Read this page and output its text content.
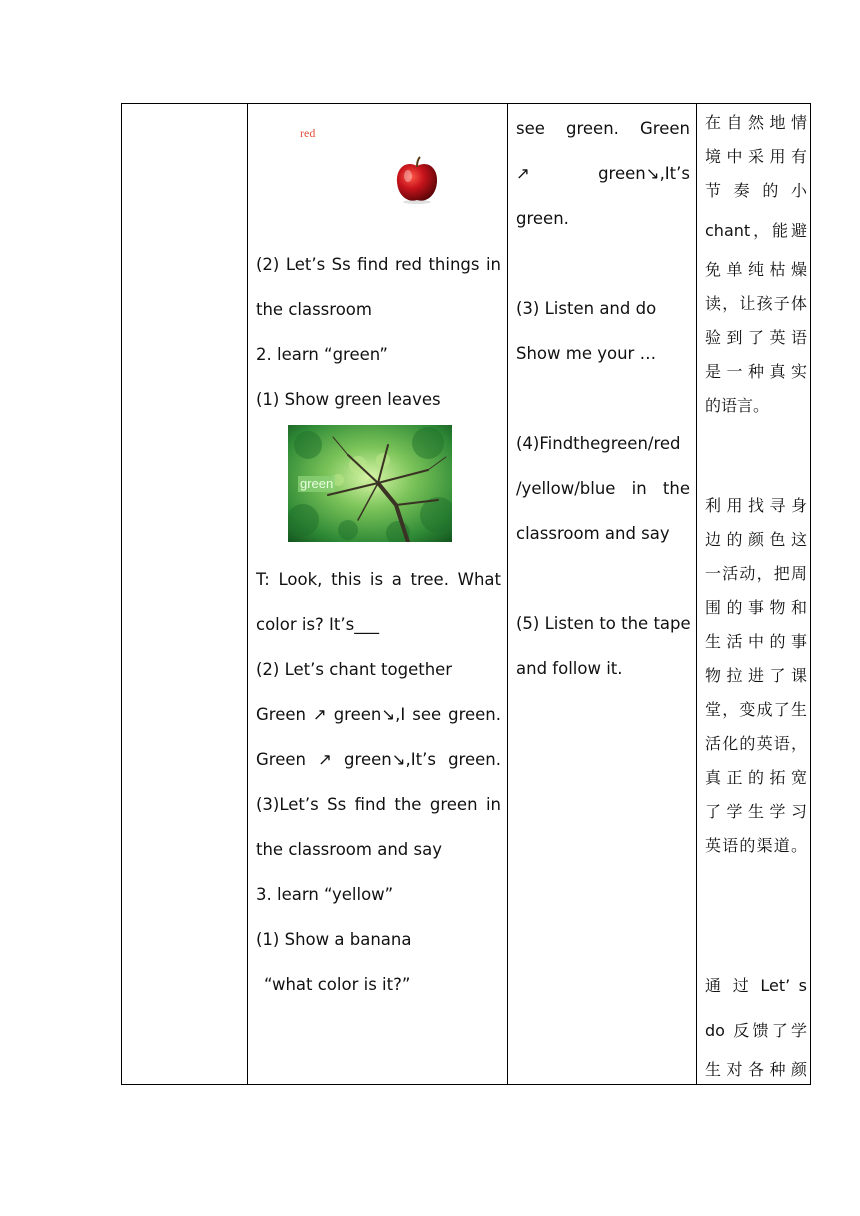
red
(2) Let’s Ss find red things in
the classroom
2. learn “green”
(1) Show green leaves
green
T: Look, this is a tree. What
color is? It’s___
(2) Let’s chant together
Green ↗ green↘,I see green.
Green ↗ green↘,It’s green.
(3)Let’s Ss find the green in
the classroom and say
3. learn “yellow”
(1) Show a banana
“what color is it?”
see green. Green
↗ green↘,It’s
green.
(3) Listen and do
Show me your …
(4)Findthegreen/red
/yellow/blue in the
classroom and say
(5) Listen to the tape
and follow it.
在自然地情
境中采用有
节 奏 的 小
chant，能避
免单纯枯燥
读，让孩子体
验到了英语
是一种真实
的语言。
利用找寻身
边的颜色这
一活动，把周
围的事物和
生活中的事
物拉进了课
堂，变成了生
活化的英语，
真正的拓宽
了学生学习
英语的渠道。
通 过 Let’ s
do 反馈了学
生对各种颜
